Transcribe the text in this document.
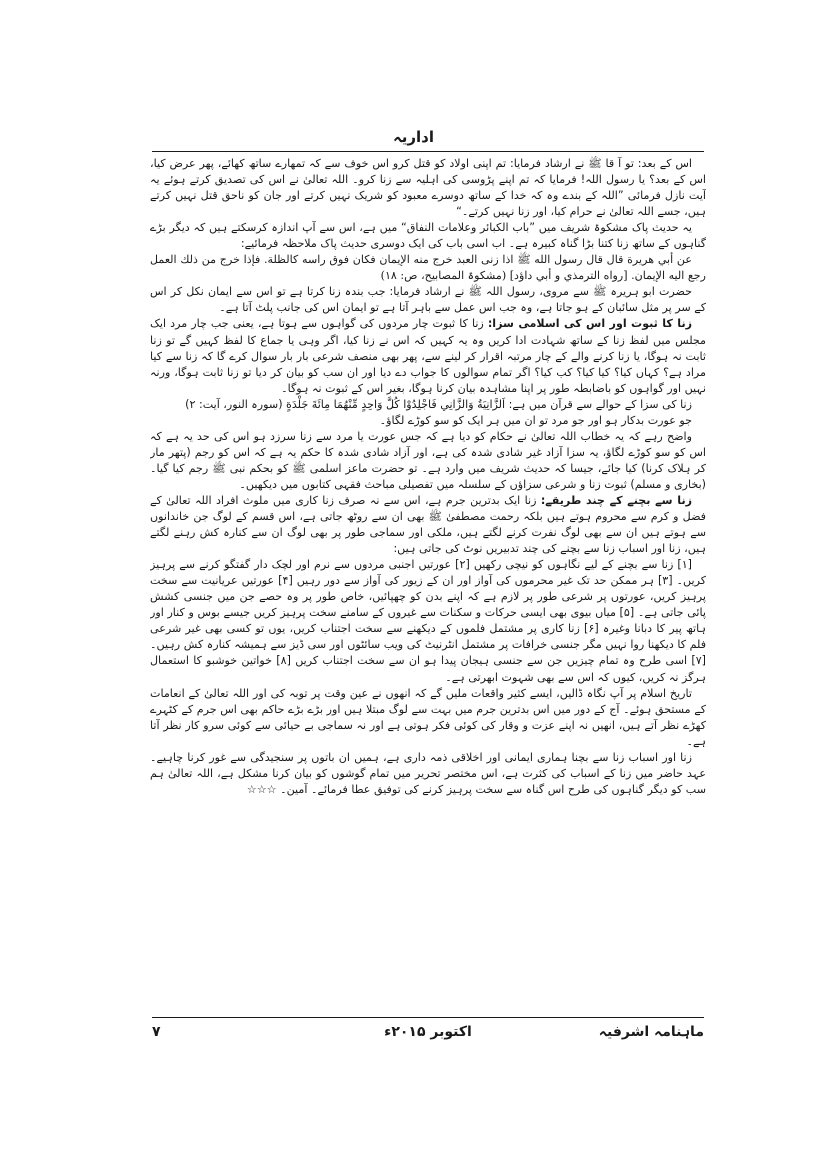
اداریہ

اس کے بعد: تو آ قا ﷺ نے ارشاد فرمایا: تم اپنی اولاد کو قتل کرو اس خوف سے کہ تمھارے ساتھ کھائے، پھر عرض کیا، اس کے بعد؟ یا رسول اللہ! فرمایا کہ تم اپنے پڑوسی کی اہلیہ سے زنا کرو۔ اللہ تعالیٰ نے اس کی تصدیق کرتے ہوئے یہ آیت نازل فرمائی ”اللہ کے بندے وہ کہ خدا کے ساتھ دوسرے معبود کو شریک نہیں کرتے اور جان کو ناحق قتل نہیں کرتے ہیں، جسے اللہ تعالیٰ نے حرام کیا، اور زنا نہیں کرتے۔“

یہ حدیث پاک مشکوۃ شریف میں ”باب الکبائر وعلامات النفاق“ میں ہے، اس سے آپ اندازہ کرسکتے ہیں کہ دیگر بڑے گناہوں کے ساتھ زنا کتنا بڑا گناہ کبیرہ ہے۔ اب اسی باب کی ایک دوسری حدیث پاک ملاحظہ فرمائیے:

عن أبي هريرة قال قال رسول الله ﷺ اذا زنى العبد خرج منه الإيمان فكان فوق راسه كالظلة. فإذا خرج من ذلك العمل رجع اليه الإيمان. [رواه الترمذي و أبي داؤد] (مشکوۃ المصابیح، ص: ۱۸)

حضرت ابو ہریرہ ﷺ سے مروی، رسول اللہ ﷺ نے ارشاد فرمایا: جب بندہ زنا کرتا ہے تو اس سے ایمان نکل کر اس کے سر پر مثل سائبان کے ہو جاتا ہے، وہ جب اس عمل سے باہر آتا ہے تو ایمان اس کی جانب پلٹ آتا ہے۔

زنا کا ثبوت اور اس کی اسلامی سزا: زنا کا ثبوت چار مردوں کی گواہوں سے ہوتا ہے، یعنی جب چار مرد ایک مجلس میں لفظ زنا کے ساتھ شہادت ادا کریں وہ یہ کہیں کہ اس نے زنا کیا، اگر وہی یا جماع کا لفظ کہیں گے تو زنا ثابت نہ ہوگا، یا زنا کرنے والے کے چار مرتبہ اقرار کر لینے سے، پھر بھی منصف شرعی بار بار سوال کرے گا کہ زنا سے کیا مراد ہے؟ کہاں کیا؟ کیا کیا؟ کب کیا؟ اگر تمام سوالوں کا جواب دے دیا اور ان سب کو بیان کر دیا تو زنا ثابت ہوگا، ورنہ نہیں اور گواہوں کو باضابطہ طور پر اپنا مشاہدہ بیان کرنا ہوگا، بغیر اس کے ثبوت نہ ہوگا۔

زنا کی سزا کے حوالے سے قرآن میں ہے: اَلزَّانِيَةُ وَالزَّانِي فَاجْلِدُوْا كُلَّ وَاحِدٍ مِّنْهُمَا مِائَةَ جَلْدَةٍ (سورہ النور، آیت: ۲)

جو عورت بدکار ہو اور جو مرد تو ان میں ہر ایک کو سو کوڑے لگاؤ۔

واضح رہے کہ یہ خطاب اللہ تعالیٰ نے حکام کو دیا ہے کہ جس عورت یا مرد سے زنا سرزد ہو اس کی حد یہ ہے کہ اس کو سو کوڑے لگاؤ، یہ سزا آزاد غیر شادی شدہ کی ہے، اور آزاد شادی شدہ کا حکم یہ ہے کہ اس کو رجم (پتھر مار کر ہلاک کرنا) کیا جائے، جیسا کہ حدیث شریف میں وارد ہے۔ تو حضرت ماعز اسلمی ﷺ کو بحکم نبی ﷺ رجم کیا گیا۔ (بخاری و مسلم) ثبوت زنا و شرعی سزاؤں کے سلسلہ میں تفصیلی مباحث فقہی کتابوں میں دیکھیں۔

زنا سے بچنے کے چند طریقے: زنا ایک بدترین جرم ہے، اس سے نہ صرف زنا کاری میں ملوث افراد اللہ تعالیٰ کے فضل و کرم سے محروم ہوتے ہیں بلکہ رحمت مصطفیٰ ﷺ بھی ان سے روٹھ جاتی ہے، اس قسم کے لوگ جن خاندانوں سے ہوتے ہیں ان سے بھی لوگ نفرت کرنے لگتے ہیں، ملکی اور سماجی طور پر بھی لوگ ان سے کنارہ کش رہنے لگتے ہیں، زنا اور اسباب زنا سے بچنے کی چند تدبیریں نوٹ کی جاتی ہیں:

[۱] زنا سے بچنے کے لیے نگاہوں کو نیچی رکھیں [۲] عورتیں اجنبی مردوں سے نرم اور لچک دار گفتگو کرنے سے پرہیز کریں۔ [۳] ہر ممکن حد تک غیر محرموں کی آواز اور ان کے زیور کی آواز سے دور رہیں [۴] عورتیں عریانیت سے سخت پرہیز کریں، عورتوں پر شرعی طور پر لازم ہے کہ اپنے بدن کو چھپائیں، خاص طور پر وہ حصے جن میں جنسی کشش پائی جاتی ہے۔ [۵] میاں بیوی بھی ایسی حرکات و سکنات سے غیروں کے سامنے سخت پرہیز کریں جیسے بوس و کنار اور ہاتھ پیر کا دبانا وغیرہ [۶] زنا کاری پر مشتمل فلموں کے دیکھنے سے سخت اجتناب کریں، یوں تو کسی بھی غیر شرعی فلم کا دیکھنا روا نہیں مگر جنسی خرافات پر مشتمل انٹرنیٹ کی ویب سائٹوں اور سی ڈیز سے ہمیشہ کنارہ کش رہیں۔ [۷] اسی طرح وہ تمام چیزیں جن سے جنسی ہیجان پیدا ہو ان سے سخت اجتناب کریں [۸] خواتین خوشبو کا استعمال ہرگز نہ کریں، کیوں کہ اس سے بھی شہوت ابھرتی ہے۔

تاریخ اسلام پر آپ نگاہ ڈالیں، ایسے کثیر واقعات ملیں گے کہ انھوں نے عین وقت پر توبہ کی اور اللہ تعالیٰ کے انعامات کے مستحق ہوئے۔ آج کے دور میں اس بدترین جرم میں بہت سے لوگ مبتلا ہیں اور بڑے بڑے حاکم بھی اس جرم کے کٹہرے کھڑے نظر آتے ہیں، انھیں نہ اپنے عزت و وقار کی کوئی فکر ہوتی ہے اور نہ سماجی بے حیائی سے کوئی سرو کار نظر آتا ہے۔

زنا اور اسباب زنا سے بچنا ہماری ایمانی اور اخلاقی ذمہ داری ہے، ہمیں ان باتوں پر سنجیدگی سے غور کرنا چاہیے۔ عہد حاضر میں زنا کے اسباب کی کثرت ہے، اس مختصر تحریر میں تمام گوشوں کو بیان کرنا مشکل ہے، اللہ تعالیٰ ہم سب کو دیگر گناہوں کی طرح اس گناہ سے سخت پرہیز کرنے کی توفیق عطا فرمائے۔ آمین۔ ☆☆☆

ماہنامہ اشرفیہ
اکتوبر ۲۰۱۵ء
۷
